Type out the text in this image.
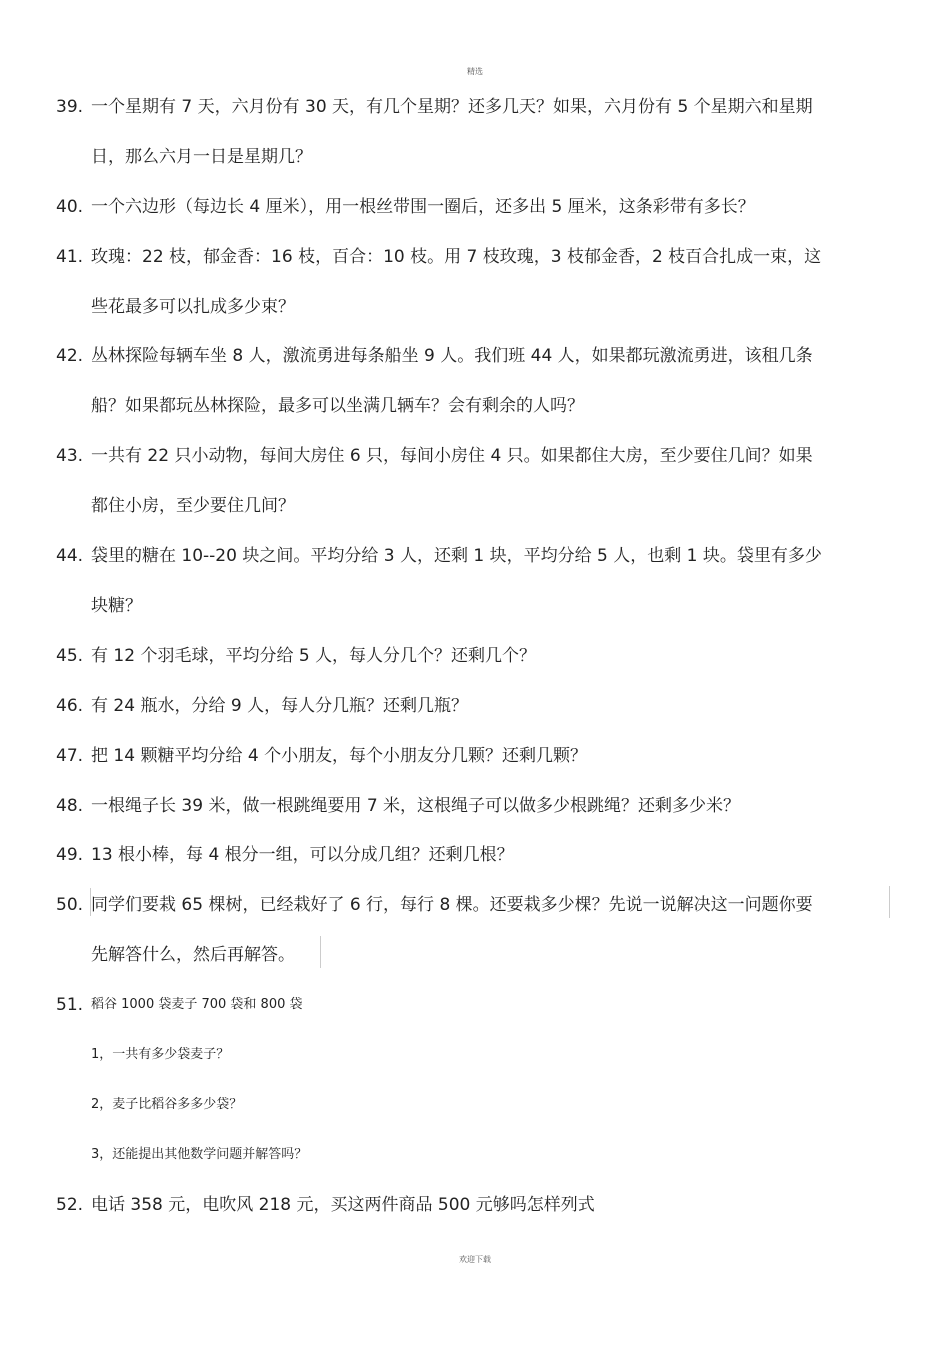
精选
39. 一个星期有 7 天，六月份有 30 天，有几个星期？还多几天？如果，六月份有 5 个星期六和星期
日，那么六月一日是星期几？
40. 一个六边形（每边长 4 厘米），用一根丝带围一圈后，还多出 5 厘米，这条彩带有多长？
41. 玫瑰：22 枝，郁金香：16 枝，百合：10 枝。用 7 枝玫瑰，3 枝郁金香，2 枝百合扎成一束，这
些花最多可以扎成多少束？
42. 丛林探险每辆车坐 8 人，激流勇进每条船坐 9 人。我们班 44 人，如果都玩激流勇进，该租几条
船？如果都玩丛林探险，最多可以坐满几辆车？会有剩余的人吗？
43. 一共有 22 只小动物，每间大房住 6 只，每间小房住 4 只。如果都住大房，至少要住几间？如果
都住小房，至少要住几间？
44. 袋里的糖在 10--20 块之间。平均分给 3 人，还剩 1 块，平均分给 5 人，也剩 1 块。袋里有多少
块糖？
45. 有 12 个羽毛球，平均分给 5 人，每人分几个？还剩几个？
46. 有 24 瓶水，分给 9 人，每人分几瓶？还剩几瓶？
47. 把 14 颗糖平均分给 4 个小朋友，每个小朋友分几颗？还剩几颗？
48. 一根绳子长 39 米，做一根跳绳要用 7 米，这根绳子可以做多少根跳绳？还剩多少米？
49. 13 根小棒，每 4 根分一组，可以分成几组？还剩几根？
50. 同学们要栽 65 棵树，已经栽好了 6 行，每行 8 棵。还要栽多少棵？先说一说解决这一问题你要
先解答什么，然后再解答。
51. 稻谷 1000 袋麦子 700 袋和 800 袋
1，一共有多少袋麦子？
2，麦子比稻谷多多少袋？
3，还能提出其他数学问题并解答吗？
52. 电话 358 元，电吹风 218 元，买这两件商品 500 元够吗怎样列式
欢迎下载
